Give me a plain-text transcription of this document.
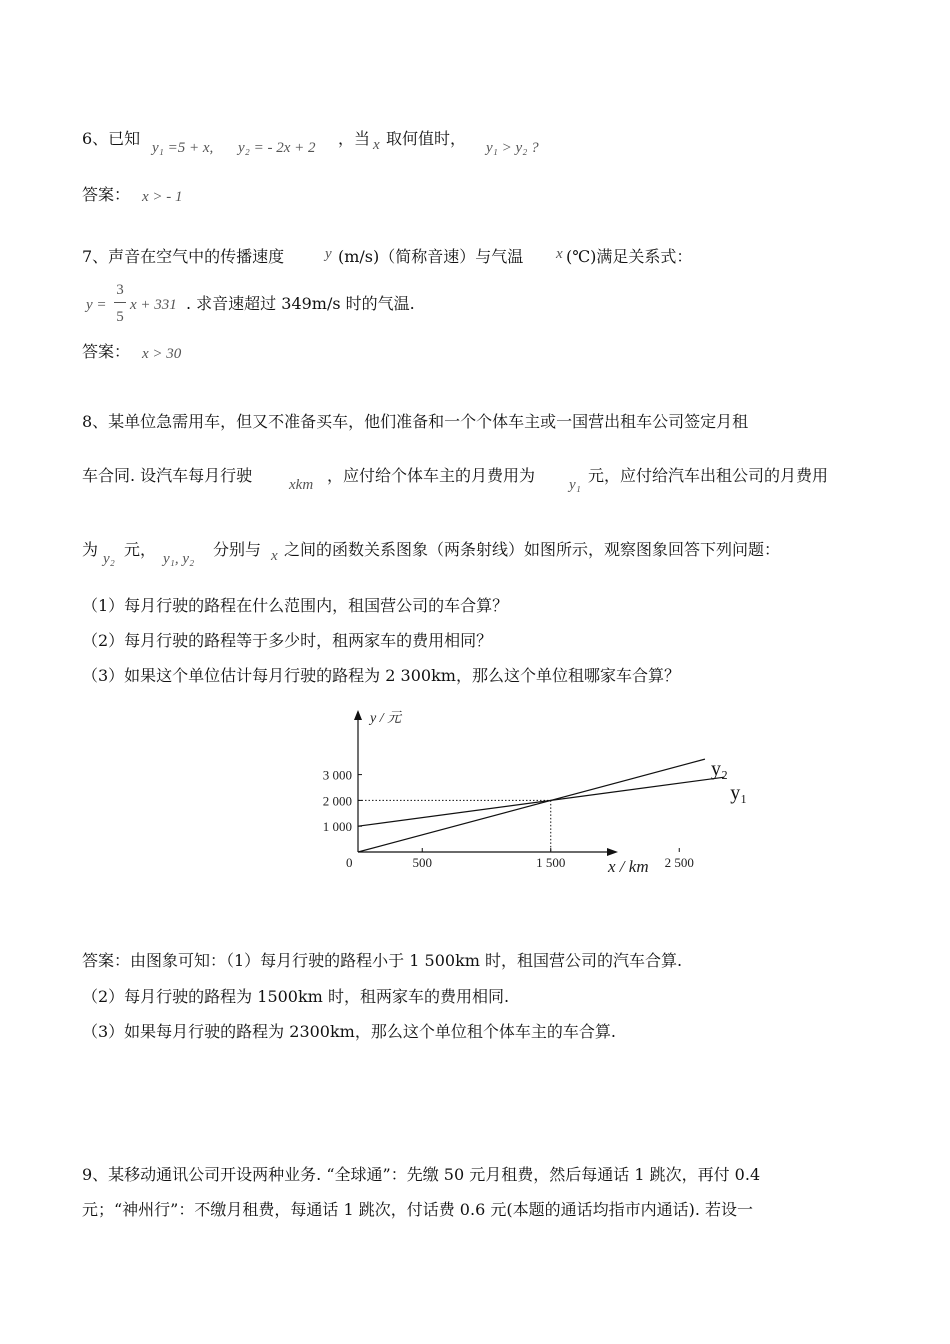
6、已知 y₁ =5 + x, y₂ = - 2x + 2 ，当 x 取何值时， y₁ > y₂ ?
答案： x > - 1
7、声音在空气中的传播速度	y (m/s)（简称音速）与气温 x (℃)满足关系式：
y =
3
5
x + 331 . 求音速超过 349m/s 时的气温.
答案： x > 30
8、某单位急需用车，但又不准备买车，他们准备和一个个体车主或一国营出租车公司签定月租
车合同. 设汽车每月行驶 xkm ，应付给个体车主的月费用为 y₁ 元，应付给汽车出租公司的月费用
为 y₂ 元， y₁, y₂ 分别与 x 之间的函数关系图象（两条射线）如图所示，观察图象回答下列问题：
（1）每月行驶的路程在什么范围内，租国营公司的车合算？
（2）每月行驶的路程等于多少时，租两家车的费用相同？
（3）如果这个单位估计每月行驶的路程为 2 300km，那么这个单位租哪家车合算？
y / 元
x / km
0	500	1 500	2 500
1 000
2 000
3 000	y₂
y₁
答案：由图象可知：（1）每月行驶的路程小于 1 500km 时，租国营公司的汽车合算.
（2）每月行驶的路程为 1500km 时，租两家车的费用相同.
（3）如果每月行驶的路程为 2300km，那么这个单位租个体车主的车合算.
9、某移动通讯公司开设两种业务. “全球通”：先缴 50 元月租费，然后每通话 1 跳次，再付 0.4
元；“神州行”：不缴月租费，每通话 1 跳次，付话费 0.6 元(本题的通话均指市内通话). 若设一
